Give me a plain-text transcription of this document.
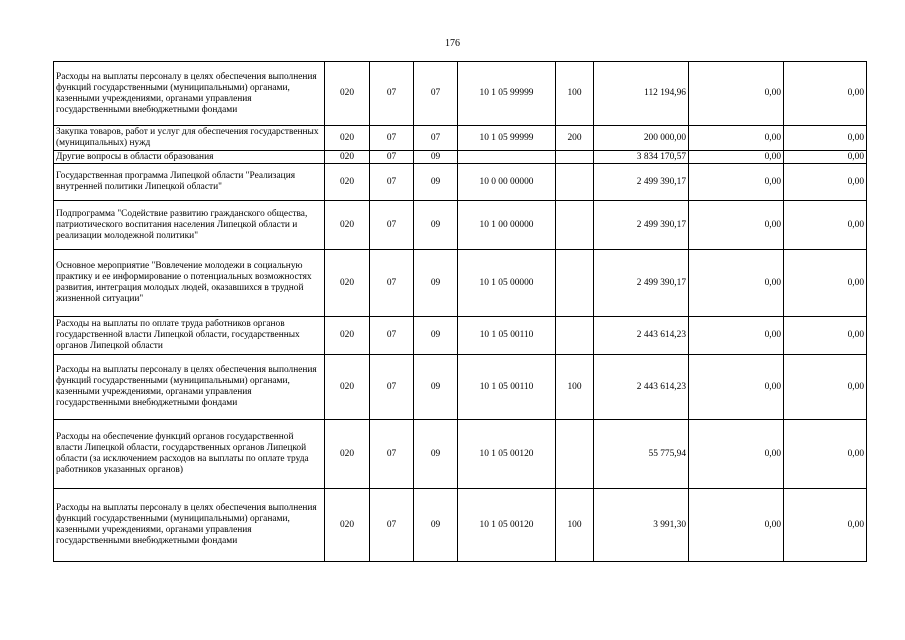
176
Расходы на выплаты персоналу в целях обеспечения выполнения функций государственными (муниципальными) органами, казенными учреждениями, органами управления государственными внебюджетными фондами	020	07	07	10 1 05 99999	100	112 194,96	0,00	0,00
Закупка товаров, работ и услуг для обеспечения государственных (муниципальных) нужд	020	07	07	10 1 05 99999	200	200 000,00	0,00	0,00
Другие вопросы в области образования	020	07	09			3 834 170,57	0,00	0,00
Государственная программа Липецкой области "Реализация внутренней политики Липецкой области"	020	07	09	10 0 00 00000		2 499 390,17	0,00	0,00
Подпрограмма "Содействие развитию гражданского общества, патриотического воспитания населения Липецкой области и реализации молодежной политики"	020	07	09	10 1 00 00000		2 499 390,17	0,00	0,00
Основное мероприятие "Вовлечение молодежи в социальную практику и ее информирование о потенциальных возможностях развития, интеграция молодых людей, оказавшихся в трудной жизненной ситуации"	020	07	09	10 1 05 00000		2 499 390,17	0,00	0,00
Расходы на выплаты по оплате труда работников органов государственной власти Липецкой области, государственных органов Липецкой области	020	07	09	10 1 05 00110		2 443 614,23	0,00	0,00
Расходы на выплаты персоналу в целях обеспечения выполнения функций государственными (муниципальными) органами, казенными учреждениями, органами управления государственными внебюджетными фондами	020	07	09	10 1 05 00110	100	2 443 614,23	0,00	0,00
Расходы на обеспечение функций органов государственной власти Липецкой области, государственных органов Липецкой области (за исключением расходов на выплаты по оплате труда работников указанных органов)	020	07	09	10 1 05 00120		55 775,94	0,00	0,00
Расходы на выплаты персоналу в целях обеспечения выполнения функций государственными (муниципальными) органами, казенными учреждениями, органами управления государственными внебюджетными фондами	020	07	09	10 1 05 00120	100	3 991,30	0,00	0,00
